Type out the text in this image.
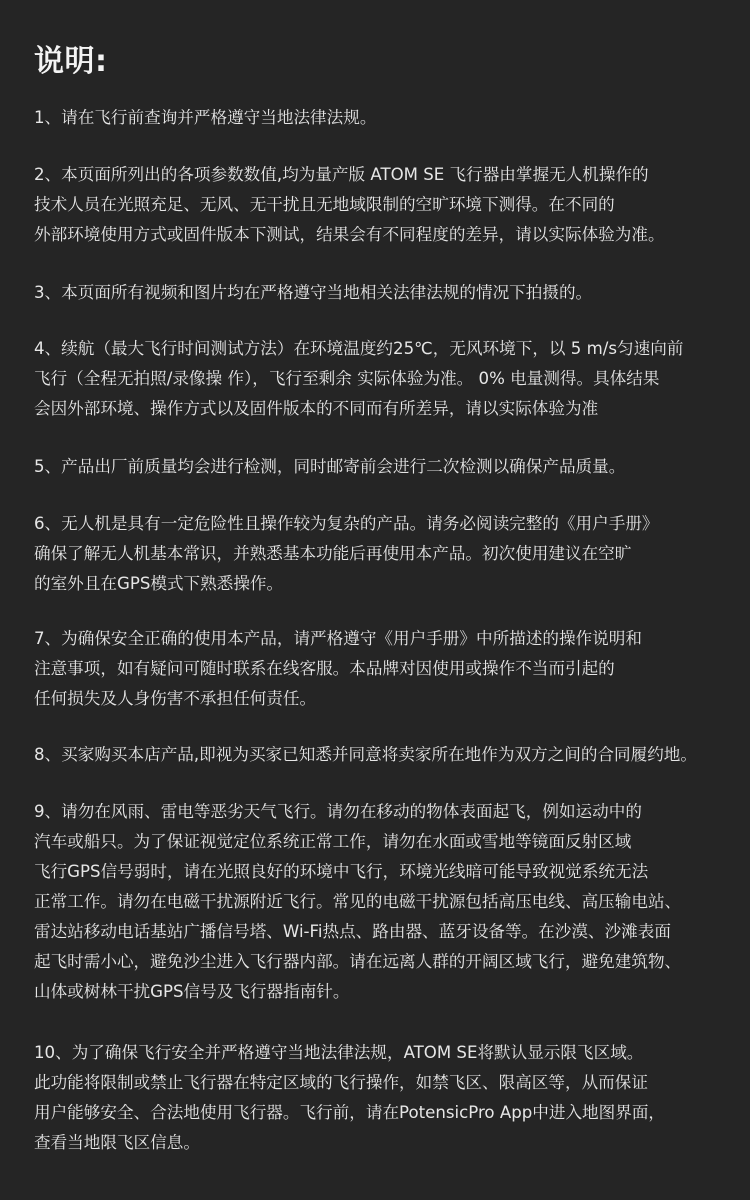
说明:
1、请在飞行前查询并严格遵守当地法律法规。
2、本页面所列出的各项参数数值,均为量产版 ATOM SE 飞行器由掌握无人机操作的
技术人员在光照充足、无风、无干扰且无地域限制的空旷环境下测得。在不同的
外部环境使用方式或固件版本下测试，结果会有不同程度的差异，请以实际体验为准。
3、本页面所有视频和图片均在严格遵守当地相关法律法规的情况下拍摄的。
4、续航（最大飞行时间测试方法）在环境温度约25℃，无风环境下，以 5 m/s匀速向前
飞行（全程无拍照/录像操 作），飞行至剩余 实际体验为准。 0% 电量测得。具体结果
会因外部环境、操作方式以及固件版本的不同而有所差异，请以实际体验为准
5、产品出厂前质量均会进行检测，同时邮寄前会进行二次检测以确保产品质量。
6、无人机是具有一定危险性且操作较为复杂的产品。请务必阅读完整的《用户手册》
确保了解无人机基本常识，并熟悉基本功能后再使用本产品。初次使用建议在空旷
的室外且在GPS模式下熟悉操作。
7、为确保安全正确的使用本产品，请严格遵守《用户手册》中所描述的操作说明和
注意事项，如有疑问可随时联系在线客服。本品牌对因使用或操作不当而引起的
任何损失及人身伤害不承担任何责任。
8、买家购买本店产品,即视为买家已知悉并同意将卖家所在地作为双方之间的合同履约地。
9、请勿在风雨、雷电等恶劣天气飞行。请勿在移动的物体表面起飞，例如运动中的
汽车或船只。为了保证视觉定位系统正常工作，请勿在水面或雪地等镜面反射区域
飞行GPS信号弱时，请在光照良好的环境中飞行，环境光线暗可能导致视觉系统无法
正常工作。请勿在电磁干扰源附近飞行。常见的电磁干扰源包括高压电线、高压输电站、
雷达站移动电话基站广播信号塔、Wi-Fi热点、路由器、蓝牙设备等。在沙漠、沙滩表面
起飞时需小心，避免沙尘进入飞行器内部。请在远离人群的开阔区域飞行，避免建筑物、
山体或树林干扰GPS信号及飞行器指南针。
10、为了确保飞行安全并严格遵守当地法律法规，ATOM SE将默认显示限飞区域。
此功能将限制或禁止飞行器在特定区域的飞行操作，如禁飞区、限高区等，从而保证
用户能够安全、合法地使用飞行器。飞行前，请在PotensicPro App中进入地图界面，
查看当地限飞区信息。
